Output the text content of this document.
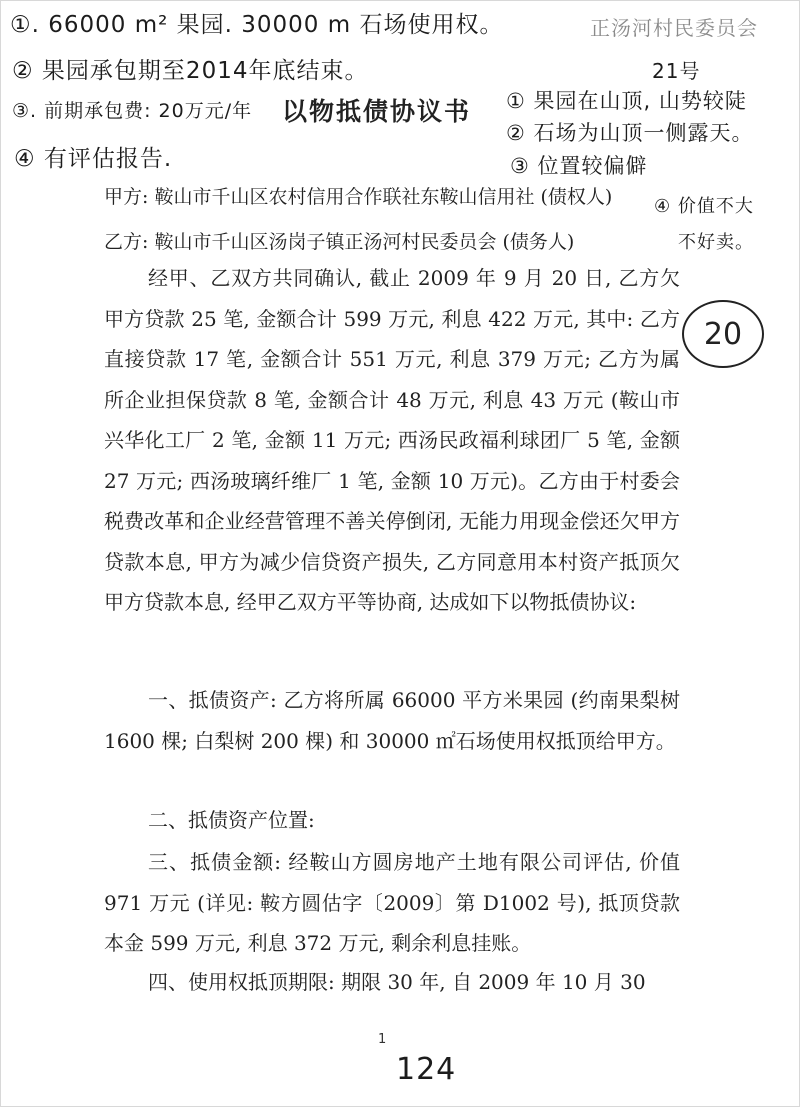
①. 66000 m² 果园. 30000 m 石场使用权。
② 果园承包期至2014年底结束。
③. 前期承包费: 20万元/年
④ 有评估报告.
正汤河村民委员会
21号
① 果园在山顶, 山势较陡
② 石场为山顶一侧露天。
③ 位置较偏僻
④ 价值不大
不好卖。
20
以物抵债协议书
甲方: 鞍山市千山区农村信用合作联社东鞍山信用社 (债权人)
乙方: 鞍山市千山区汤岗子镇正汤河村民委员会 (债务人)
经甲、乙双方共同确认, 截止 2009 年 9 月 20 日, 乙方欠甲方贷款 25 笔, 金额合计 599 万元, 利息 422 万元, 其中: 乙方直接贷款 17 笔, 金额合计 551 万元, 利息 379 万元; 乙方为属所企业担保贷款 8 笔, 金额合计 48 万元, 利息 43 万元 (鞍山市兴华化工厂 2 笔, 金额 11 万元; 西汤民政福利球团厂 5 笔, 金额 27 万元; 西汤玻璃纤维厂 1 笔, 金额 10 万元)。乙方由于村委会税费改革和企业经营管理不善关停倒闭, 无能力用现金偿还欠甲方贷款本息, 甲方为减少信贷资产损失, 乙方同意用本村资产抵顶欠甲方贷款本息, 经甲乙双方平等协商, 达成如下以物抵债协议:
一、抵债资产: 乙方将所属 66000 平方米果园 (约南果梨树 1600 棵; 白梨树 200 棵) 和 30000 ㎡石场使用权抵顶给甲方。
二、抵债资产位置:
三、抵债金额: 经鞍山方圆房地产土地有限公司评估, 价值 971 万元 (详见: 鞍方圆估字〔2009〕第 D1002 号), 抵顶贷款本金 599 万元, 利息 372 万元, 剩余利息挂账。
四、使用权抵顶期限: 期限 30 年, 自 2009 年 10 月 30
1
124
